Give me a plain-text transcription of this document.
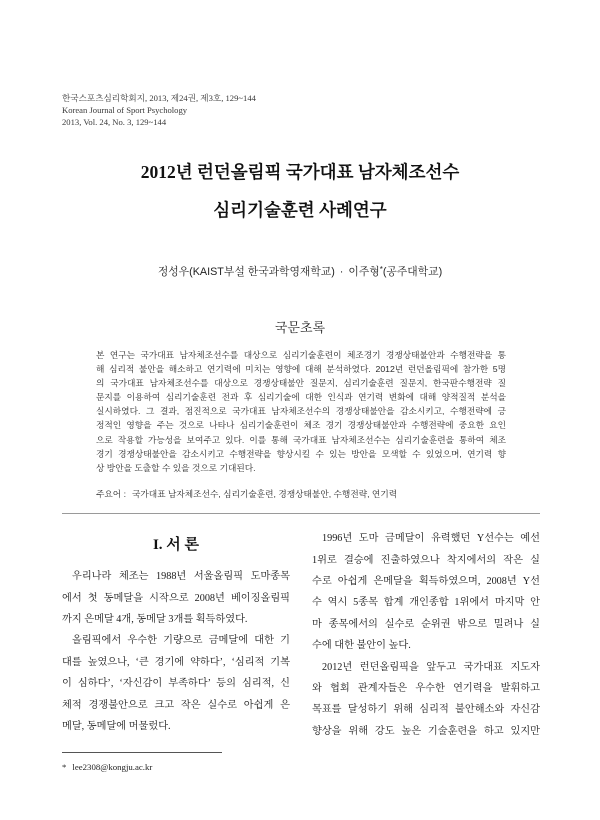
한국스포츠심리학회지, 2013, 제24권, 제3호, 129~144
Korean Journal of Sport Psychology
2013, Vol. 24, No. 3, 129~144
2012년 런던올림픽 국가대표 남자체조선수
심리기술훈련 사례연구
정성우(KAIST부설 한국과학영재학교) · 이주형*(공주대학교)
국문초록
본 연구는 국가대표 남자체조선수를 대상으로 심리기술훈련이 체조경기 경쟁상태불안과 수행전략을 통
해 심리적 불안을 해소하고 연기력에 미치는 영향에 대해 분석하였다. 2012년 런던올림픽에 참가한 5명
의 국가대표 남자체조선수를 대상으로 경쟁상태불안 질문지, 심리기술훈련 질문지, 한국판수행전략 질
문지를 이용하여 심리기술훈련 전과 후 심리기술에 대한 인식과 연기력 변화에 대해 양적질적 분석을
실시하였다. 그 결과, 점진적으로 국가대표 남자체조선수의 경쟁상태불안을 감소시키고, 수행전략에 긍
정적인 영향을 주는 것으로 나타나 심리기술훈련이 체조 경기 경쟁상태불안과 수행전략에 중요한 요인
으로 작용할 가능성을 보여주고 있다. 이를 통해 국가대표 남자체조선수는 심리기술훈련을 통하여 체조
경기 경쟁상태불안을 감소시키고 수행전략을 향상시킬 수 있는 방안을 모색할 수 있었으며, 연기력 향
상 방안을 도출할 수 있을 것으로 기대된다.
주요어 : 국가대표 남자체조선수, 심리기술훈련, 경쟁상태불안, 수행전략, 연기력
I. 서 론
우리나라 체조는 1988년 서울올림픽 도마종목
에서 첫 동메달을 시작으로 2008년 베이징올림픽
까지 은메달 4개, 동메달 3개를 획득하였다.
올림픽에서 우수한 기량으로 금메달에 대한 기
대를 높였으나, ‘큰 경기에 약하다’, ‘심리적 기복
이 심하다’, ‘자신감이 부족하다’ 등의 심리적, 신
체적 경쟁불안으로 크고 작은 실수로 아쉽게 은
메달, 동메달에 머물렀다.
1996년 도마 금메달이 유력했던 Y선수는 예선
1위로 결승에 진출하였으나 착지에서의 작은 실
수로 아쉽게 은메달을 획득하였으며, 2008년 Y선
수 역시 5종목 합계 개인종합 1위에서 마지막 안
마 종목에서의 실수로 순위권 밖으로 밀려나 실
수에 대한 불안이 높다.
2012년 런던올림픽을 앞두고 국가대표 지도자
와 협회 관계자들은 우수한 연기력을 발휘하고
목표를 달성하기 위해 심리적 불안해소와 자신감
향상을 위해 강도 높은 기술훈련을 하고 있지만
* lee2308@kongju.ac.kr
